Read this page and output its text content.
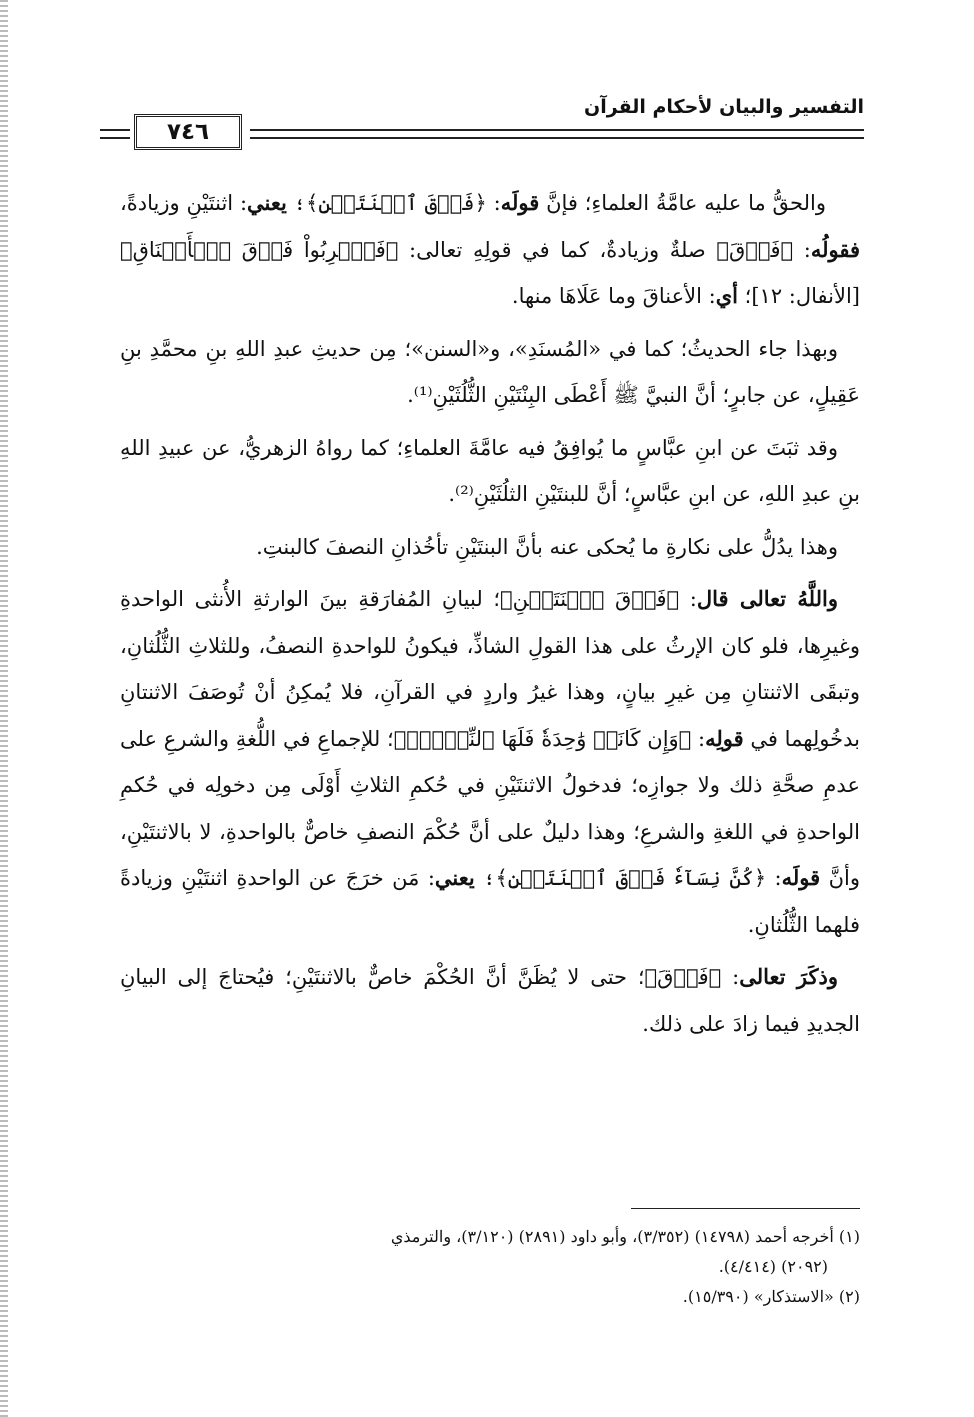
٧٤٦
التفسير والبيان لأحكام القرآن

والحقُّ ما عليه عامَّةُ العلماءِ؛ فإنَّ قولَه: ﴿فَوۡقَ ٱثۡنَتَيۡنِ﴾؛ يعني: اثنتَيْنِ وزيادةً، فقولُه: ﴿فَوۡقَ﴾ صلةٌ وزيادةٌ، كما في قولِهِ تعالى: ﴿فَٱضۡرِبُواْ فَوۡقَ ٱلۡأَعۡنَاقِ﴾ [الأنفال: ١٢]؛ أي: الأعناقَ وما عَلَاهَا منها.

وبهذا جاء الحديثُ؛ كما في «المُسنَدِ»، و«السنن»؛ مِن حديثِ عبدِ اللهِ بنِ محمَّدِ بنِ عَقِيلٍ، عن جابرٍ؛ أنَّ النبيَّ ﷺ أَعْطَى البِنْتَيْنِ الثُّلُثَيْنِ⁽¹⁾.

وقد ثبَتَ عن ابنِ عبَّاسٍ ما يُوافِقُ فيه عامَّةَ العلماءِ؛ كما رواهُ الزهريُّ، عن عبيدِ اللهِ بنِ عبدِ اللهِ، عن ابنِ عبَّاسٍ؛ أنَّ للبنتَيْنِ الثلُثَيْنِ⁽²⁾.

وهذا يدُلُّ على نكارةِ ما يُحكى عنه بأنَّ البنتَيْنِ تأخُذانِ النصفَ كالبنتِ.

واللَّهُ تعالى قال: ﴿فَوۡقَ ٱثۡنَتَيۡنِ﴾؛ لبيانِ المُفارَقةِ بينَ الوارثةِ الأُنثى الواحدةِ وغيرِها، فلو كان الإرثُ على هذا القولِ الشاذِّ، فيكونُ للواحدةِ النصفُ، وللثلاثِ الثُّلُثانِ، وتبقَى الاثنتانِ مِن غيرِ بيانٍ، وهذا غيرُ واردٍ في القرآنِ، فلا يُمكِنُ أنْ تُوصَفَ الاثنتانِ بدخُولِهما في قولِه: ﴿وَإِن كَانَتۡ وَٰحِدَةٗ فَلَهَا ٱلنِّصۡفُۚ﴾؛ للإجماعِ في اللُّغةِ والشرعِ على عدمِ صحَّةِ ذلك ولا جوازِه؛ فدخولُ الاثنتَيْنِ في حُكمِ الثلاثِ أَوْلَى مِن دخولِه في حُكمِ الواحدةِ في اللغةِ والشرعِ؛ وهذا دليلٌ على أنَّ حُكْمَ النصفِ خاصٌّ بالواحدةِ، لا بالاثنتَيْنِ، وأنَّ قولَه: ﴿كُنَّ نِسَآءٗ فَوۡقَ ٱثۡنَتَيۡنِ﴾؛ يعني: مَن خرَجَ عن الواحدةِ اثنتَيْنِ وزيادةً فلهما الثُّلُثانِ.

وذكَرَ تعالى: ﴿فَوۡقَ﴾؛ حتى لا يُظَنَّ أنَّ الحُكْمَ خاصٌّ بالاثنتَيْنِ؛ فيُحتاجَ إلى البيانِ الجديدِ فيما زادَ على ذلك.

(١) أخرجه أحمد (١٤٧٩٨) (٣/٣٥٢)، وأبو داود (٢٨٩١) (٣/١٢٠)، والترمذي

(٢٠٩٢) (٤/٤١٤).

(٢) «الاستذكار» (١٥/٣٩٠).
